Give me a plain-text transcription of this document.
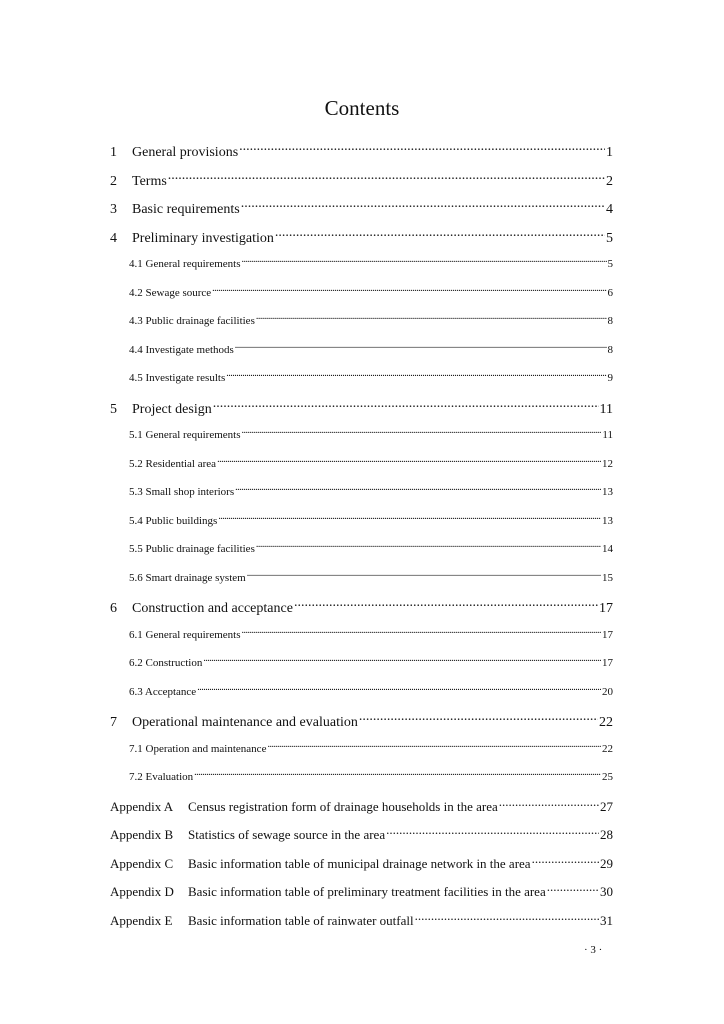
Contents
1	General provisions .....	1
2	Terms .....	2
3	Basic requirements .....	4
4	Preliminary investigation .....	5
4.1 General requirements .....	5
4.2 Sewage source .....	6
4.3 Public drainage facilities .....	8
4.4 Investigate methods .....	8
4.5 Investigate results .....	9
5	Project design .....	11
5.1 General requirements .....	11
5.2 Residential area .....	12
5.3 Small shop interiors .....	13
5.4 Public buildings .....	13
5.5 Public drainage facilities .....	14
5.6 Smart drainage system .....	15
6	Construction and acceptance .....	17
6.1 General requirements .....	17
6.2 Construction .....	17
6.3 Acceptance .....	20
7	Operational maintenance and evaluation .....	22
7.1 Operation and maintenance .....	22
7.2 Evaluation .....	25
Appendix A	Census registration form of drainage households in the area .....	27
Appendix B	Statistics of sewage source in the area .....	28
Appendix C	Basic information table of municipal drainage network in the area .....	29
Appendix D	Basic information table of preliminary treatment facilities in the area .....	30
Appendix E	Basic information table of rainwater outfall .....	31
· 3 ·
